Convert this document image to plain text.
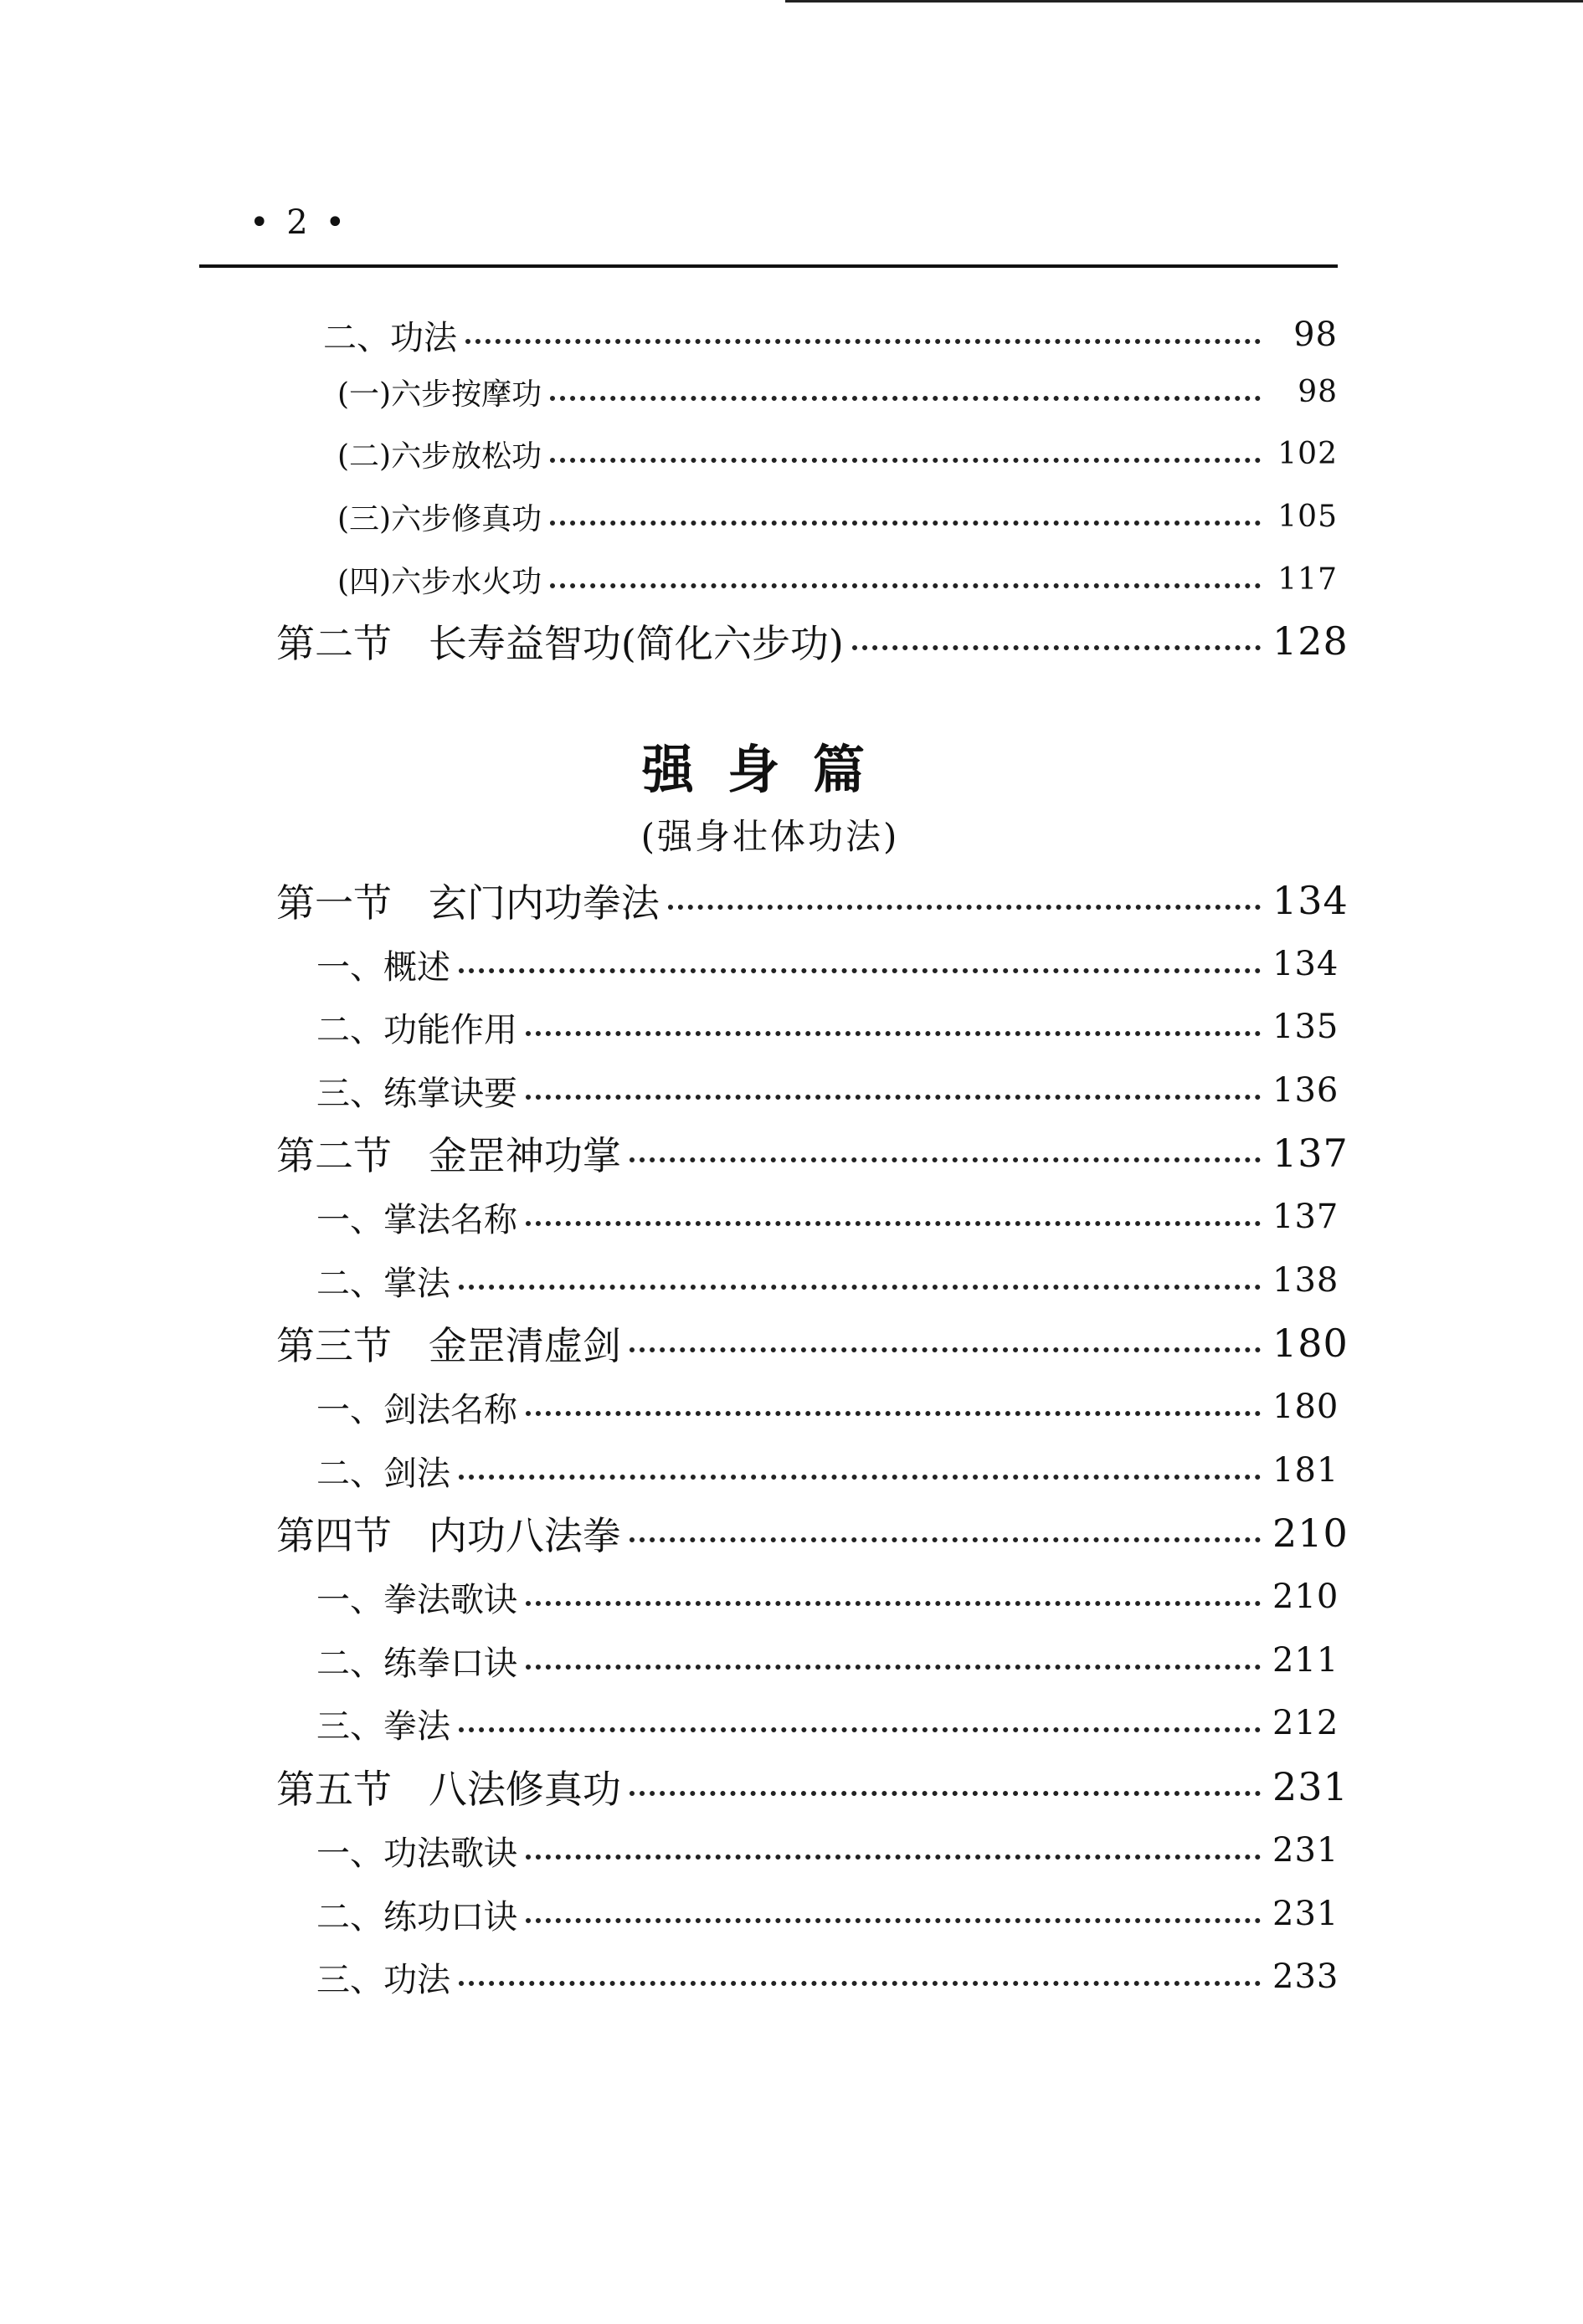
• 2 •
二、功法	98
(一)六步按摩功	98
(二)六步放松功	102
(三)六步修真功	105
(四)六步水火功	117
第二节   长寿益智功(简化六步功)	128
强身篇
(强身壮体功法)
第一节   玄门内功拳法	134
一、概述	134
二、功能作用	135
三、练掌诀要	136
第二节   金罡神功掌	137
一、掌法名称	137
二、掌法	138
第三节   金罡清虚剑	180
一、剑法名称	180
二、剑法	181
第四节   内功八法拳	210
一、拳法歌诀	210
二、练拳口诀	211
三、拳法	212
第五节   八法修真功	231
一、功法歌诀	231
二、练功口诀	231
三、功法	233
